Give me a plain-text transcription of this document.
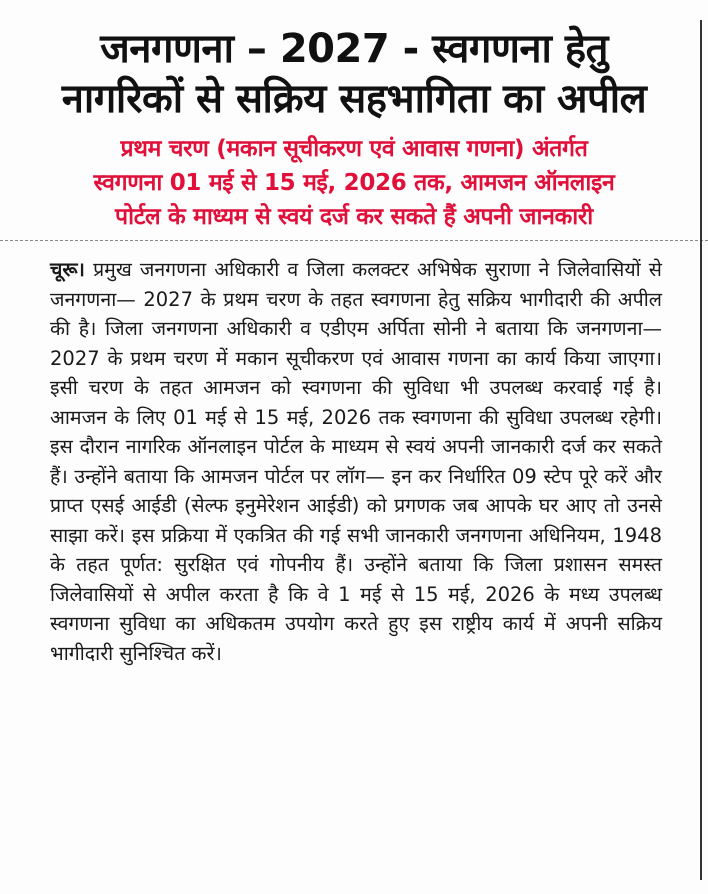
जनगणना – 2027 - स्वगणना हेतु
नागरिकों से सक्रिय सहभागिता का अपील
प्रथम चरण (मकान सूचीकरण एवं आवास गणना) अंतर्गत
स्वगणना 01 मई से 15 मई, 2026 तक, आमजन ऑनलाइन
पोर्टल के माध्यम से स्वयं दर्ज कर सकते हैं अपनी जानकारी

चूरू। प्रमुख जनगणना अधिकारी व जिला कलक्टर अभिषेक सुराणा ने जिलेवासियों से जनगणना— 2027 के प्रथम चरण के तहत स्वगणना हेतु सक्रिय भागीदारी की अपील की है। जिला जनगणना अधिकारी व एडीएम अर्पिता सोनी ने बताया कि जनगणना— 2027 के प्रथम चरण में मकान सूचीकरण एवं आवास गणना का कार्य किया जाएगा। इसी चरण के तहत आमजन को स्वगणना की सुविधा भी उपलब्ध करवाई गई है। आमजन के लिए 01 मई से 15 मई, 2026 तक स्वगणना की सुविधा उपलब्ध रहेगी। इस दौरान नागरिक ऑनलाइन पोर्टल के माध्यम से स्वयं अपनी जानकारी दर्ज कर सकते हैं। उन्होंने बताया कि आमजन पोर्टल पर लॉग— इन कर निर्धारित 09 स्टेप पूरे करें और प्राप्त एसई आईडी (सेल्फ इनुमेरेशन आईडी) को प्रगणक जब आपके घर आए तो उनसे साझा करें। इस प्रक्रिया में एकत्रित की गई सभी जानकारी जनगणना अधिनियम, 1948 के तहत पूर्णत: सुरक्षित एवं गोपनीय हैं। उन्होंने बताया कि जिला प्रशासन समस्त जिलेवासियों से अपील करता है कि वे 1 मई से 15 मई, 2026 के मध्य उपलब्ध स्वगणना सुविधा का अधिकतम उपयोग करते हुए इस राष्ट्रीय कार्य में अपनी सक्रिय भागीदारी सुनिश्चित करें।
